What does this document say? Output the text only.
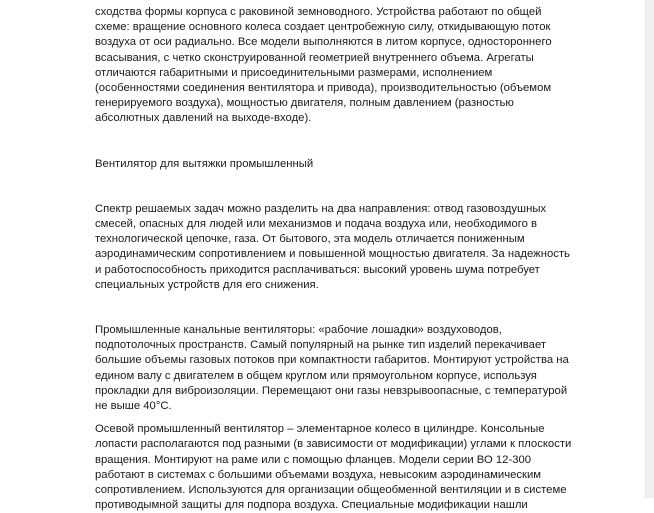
сходства формы корпуса с раковиной земноводного. Устройства работают по общей
схеме: вращение основного колеса создает центробежную силу, откидывающую поток
воздуха от оси радиально. Все модели выполняются в литом корпусе, одностороннего
всасывания, с четко сконструированной геометрией внутреннего объема. Агрегаты
отличаются габаритными и присоединительными размерами, исполнением
(особенностями соединения вентилятора и привода), производительностью (объемом
генерируемого воздуха), мощностью двигателя, полным давлением (разностью
абсолютных давлений на выходе-входе).

Вентилятор для вытяжки промышленный

Спектр решаемых задач можно разделить на два направления: отвод газовоздушных
смесей, опасных для людей или механизмов и подача воздуха или, необходимого в
технологической цепочке, газа. От бытового, эта модель отличается пониженным
аэродинамическим сопротивлением и повышенной мощностью двигателя. За надежность
и работоспособность приходится расплачиваться: высокий уровень шума потребует
специальных устройств для его снижения.

Промышленные канальные вентиляторы: «рабочие лошадки» воздуховодов,
подпотолочных пространств. Самый популярный на рынке тип изделий перекачивает
большие объемы газовых потоков при компактности габаритов. Монтируют устройства на
едином валу с двигателем в общем круглом или прямоугольном корпусе, используя
прокладки для виброизоляции. Перемещают они газы невзрывоопасные, с температурой
не выше 40°C.

Осевой промышленный вентилятор – элементарное колесо в цилиндре. Консольные
лопасти располагаются под разными (в зависимости от модификации) углами к плоскости
вращения. Монтируют на раме или с помощью фланцев. Модели серии ВО 12-300
работают в системах с большими объемами воздуха, невысоким аэродинамическим
сопротивлением. Используются для организации общеобменной вентиляции и в системе
противодымной защиты для подпора воздуха. Специальные модификации нашли
